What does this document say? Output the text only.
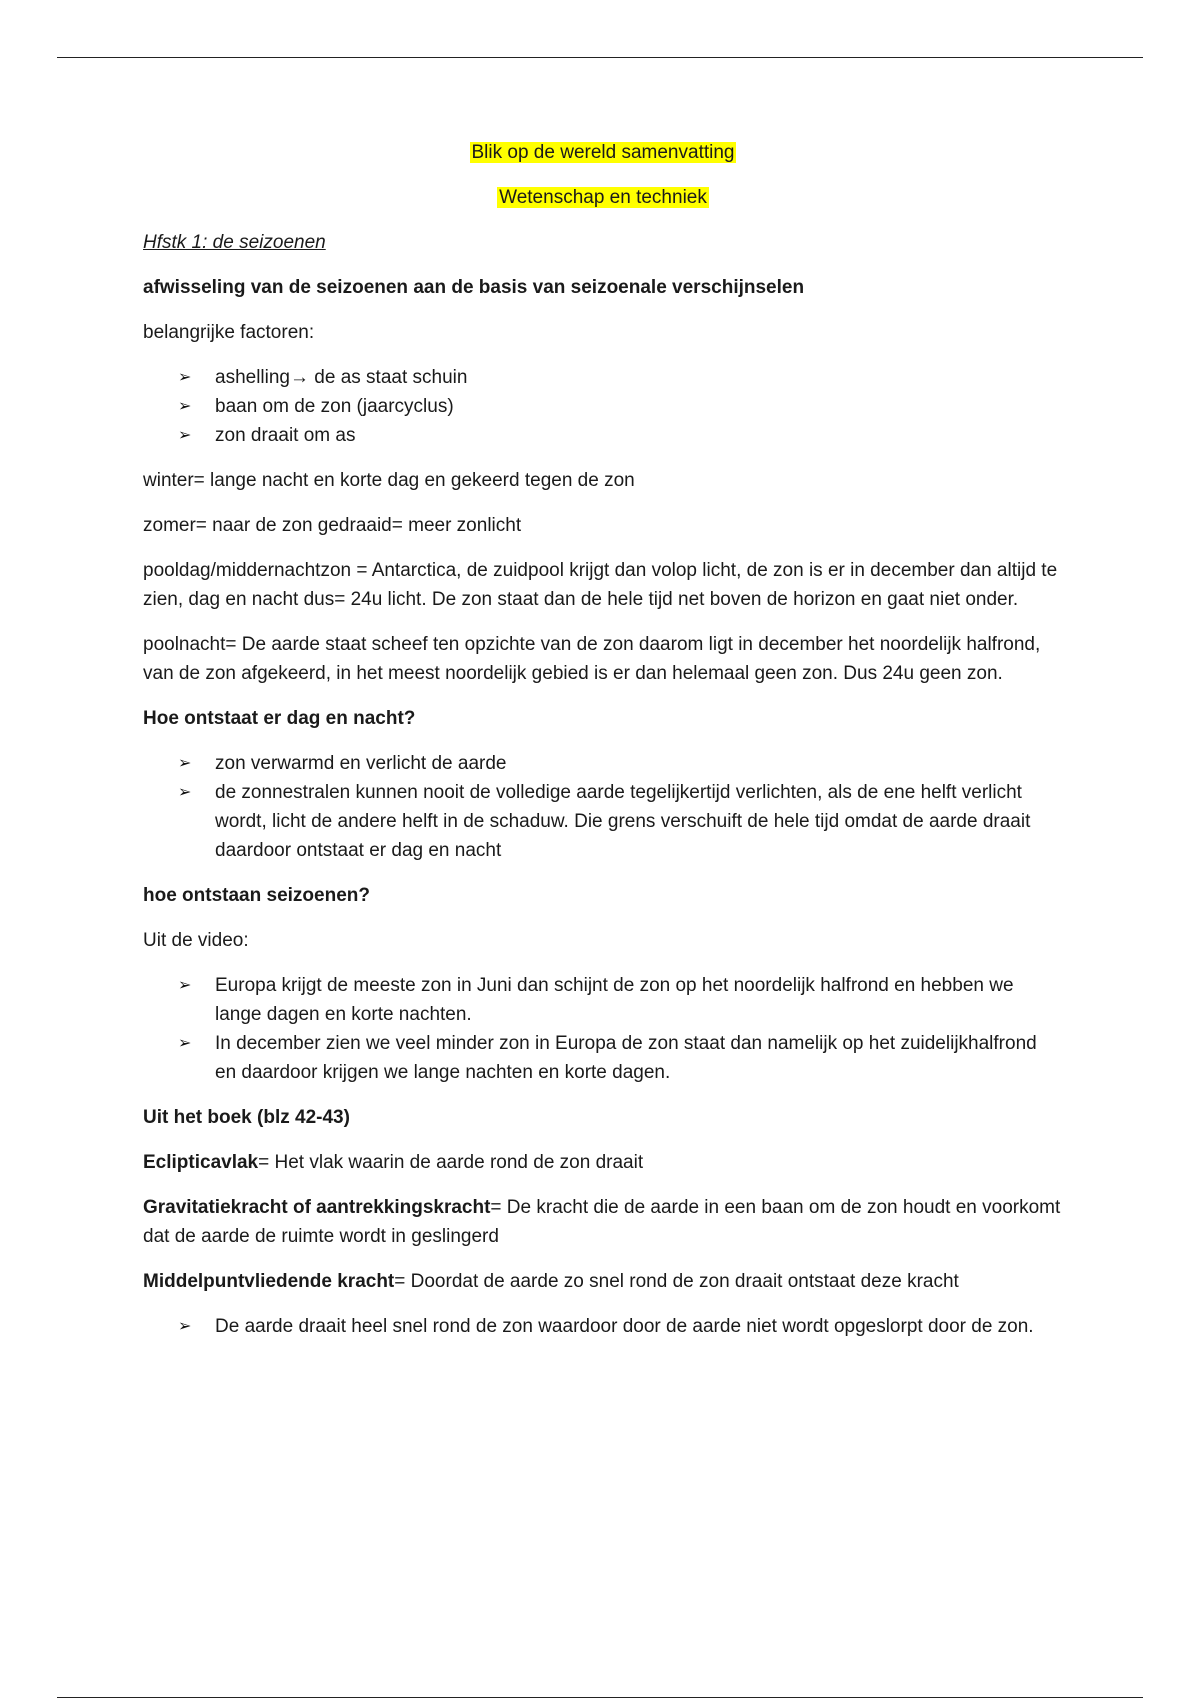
Blik op de wereld samenvatting
Wetenschap en techniek
Hfstk 1: de seizoenen

afwisseling van de seizoenen aan de basis van seizoenale verschijnselen

belangrijke factoren:

➢ ashelling→ de as staat schuin
➢ baan om de zon (jaarcyclus)
➢ zon draait om as

winter= lange nacht en korte dag en gekeerd tegen de zon

zomer= naar de zon gedraaid= meer zonlicht

pooldag/middernachtzon = Antarctica, de zuidpool krijgt dan volop licht, de zon is er in december dan altijd te zien, dag en nacht dus= 24u licht. De zon staat dan de hele tijd net boven de horizon en gaat niet onder.

poolnacht= De aarde staat scheef ten opzichte van de zon daarom ligt in december het noordelijk halfrond, van de zon afgekeerd, in het meest noordelijk gebied is er dan helemaal geen zon. Dus 24u geen zon.

Hoe ontstaat er dag en nacht?

➢ zon verwarmd en verlicht de aarde
➢ de zonnestralen kunnen nooit de volledige aarde tegelijkertijd verlichten, als de ene helft verlicht wordt, licht de andere helft in de schaduw. Die grens verschuift de hele tijd omdat de aarde draait daardoor ontstaat er dag en nacht

hoe ontstaan seizoenen?

Uit de video:

➢ Europa krijgt de meeste zon in Juni dan schijnt de zon op het noordelijk halfrond en hebben we lange dagen en korte nachten.
➢ In december zien we veel minder zon in Europa de zon staat dan namelijk op het zuidelijkhalfrond en daardoor krijgen we lange nachten en korte dagen.

Uit het boek (blz 42-43)

Eclipticavlak= Het vlak waarin de aarde rond de zon draait

Gravitatiekracht of aantrekkingskracht= De kracht die de aarde in een baan om de zon houdt en voorkomt dat de aarde de ruimte wordt in geslingerd

Middelpuntvliedende kracht= Doordat de aarde zo snel rond de zon draait ontstaat deze kracht

➢ De aarde draait heel snel rond de zon waardoor door de aarde niet wordt opgeslorpt door de zon.
